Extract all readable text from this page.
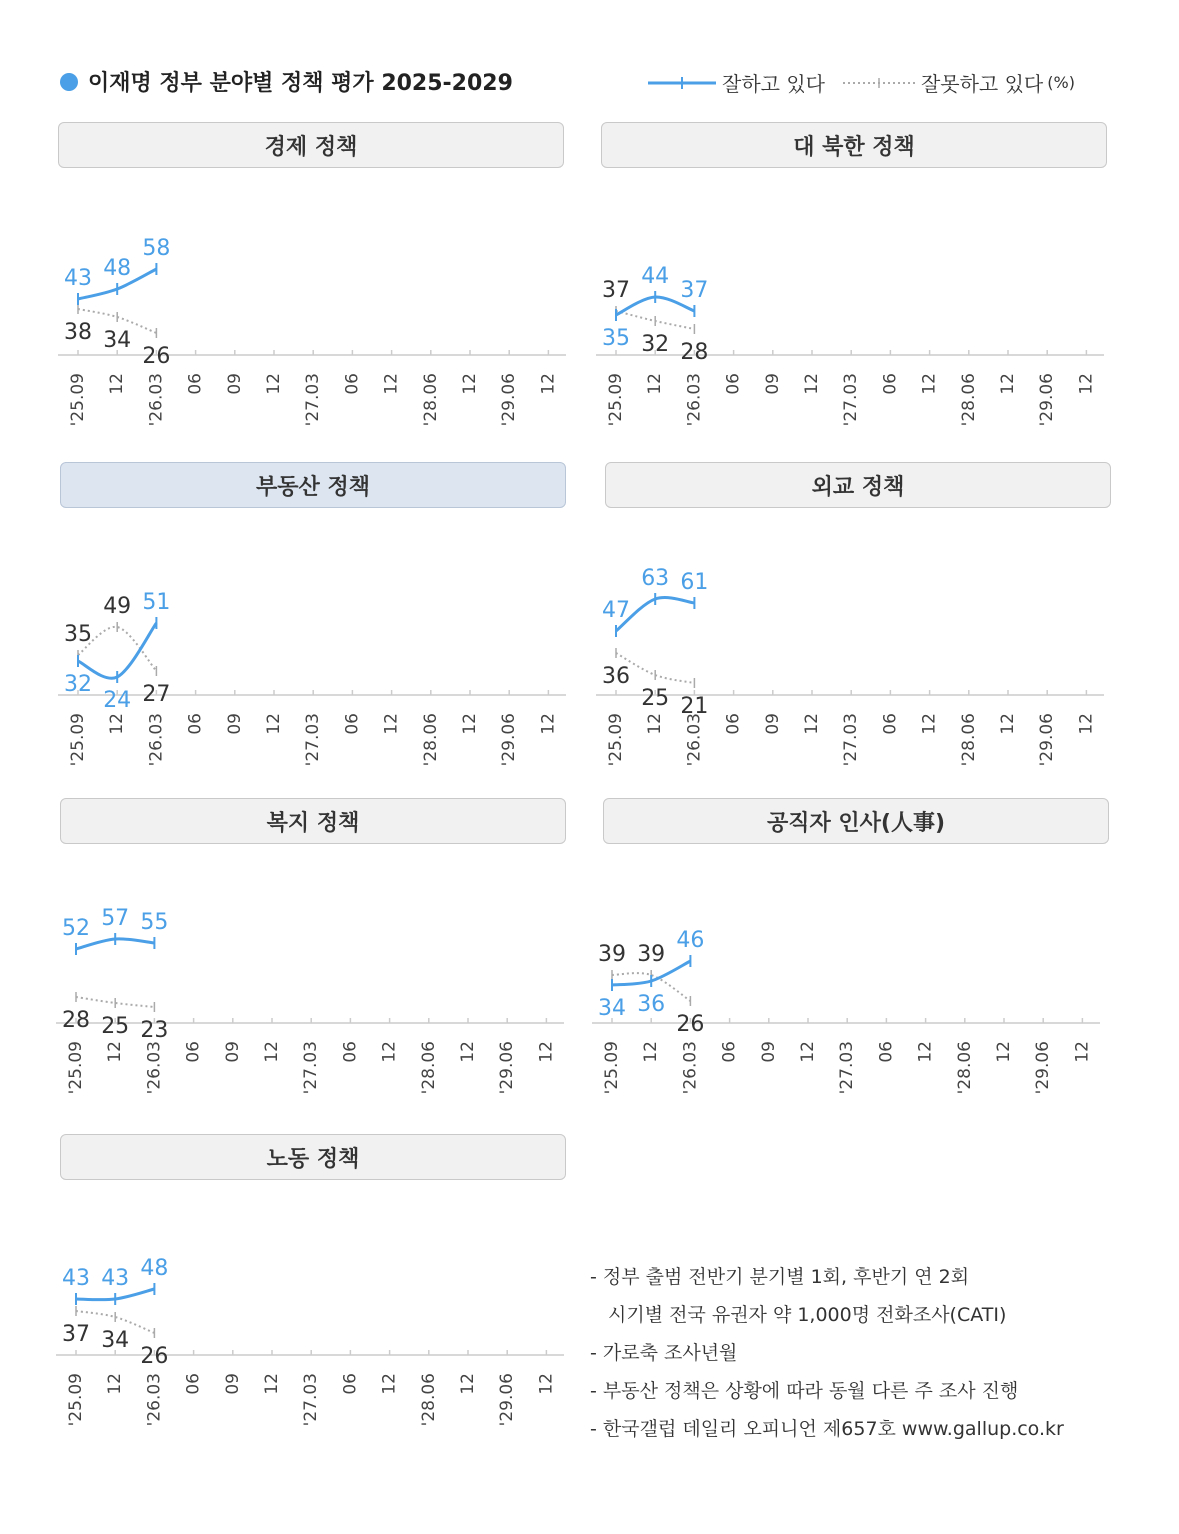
이재명 정부 분야별 정책 평가 2025-2029	잘하고 있다	잘못하고 있다 (%)
경제 정책
'25.09 12 '26.03 06 09 12 '27.03 06 12 '28.06 12 '29.06 12
43 48
58
38 34
26
대 북한 정책
'25.09 12 '26.03 06 09 12 '27.03 06 12 '28.06 12 '29.06 12
35
44
37
37
32 28
부동산 정책
'25.09 12 '26.03 06 09 12 '27.03 06 12 '28.06 12 '29.06 12
32
24
51
35
49
27
외교 정책
'25.09 12 '26.03 06 09 12 '27.03 06 12 '28.06 12 '29.06 12
47
63 61
36
25 21
복지 정책
'25.09 12 '26.03 06 09 12 '27.03 06 12 '28.06 12 '29.06 12
52 57 55
28 25 23
공직자 인사(人事)
'25.09 12 '26.03 06 09 12 '27.03 06 12 '28.06 12 '29.06 12
34 36
46
39 39
26
노동 정책
'25.09 12 '26.03 06 09 12 '27.03 06 12 '28.06 12 '29.06 12
43 43 48
37 34
26
- 정부 출범 전반기 분기별 1회, 후반기 연 2회
시기별 전국 유권자 약 1,000명 전화조사(CATI)
- 가로축 조사년월
- 부동산 정책은 상황에 따라 동월 다른 주 조사 진행
- 한국갤럽 데일리 오피니언 제657호 www.gallup.co.kr
